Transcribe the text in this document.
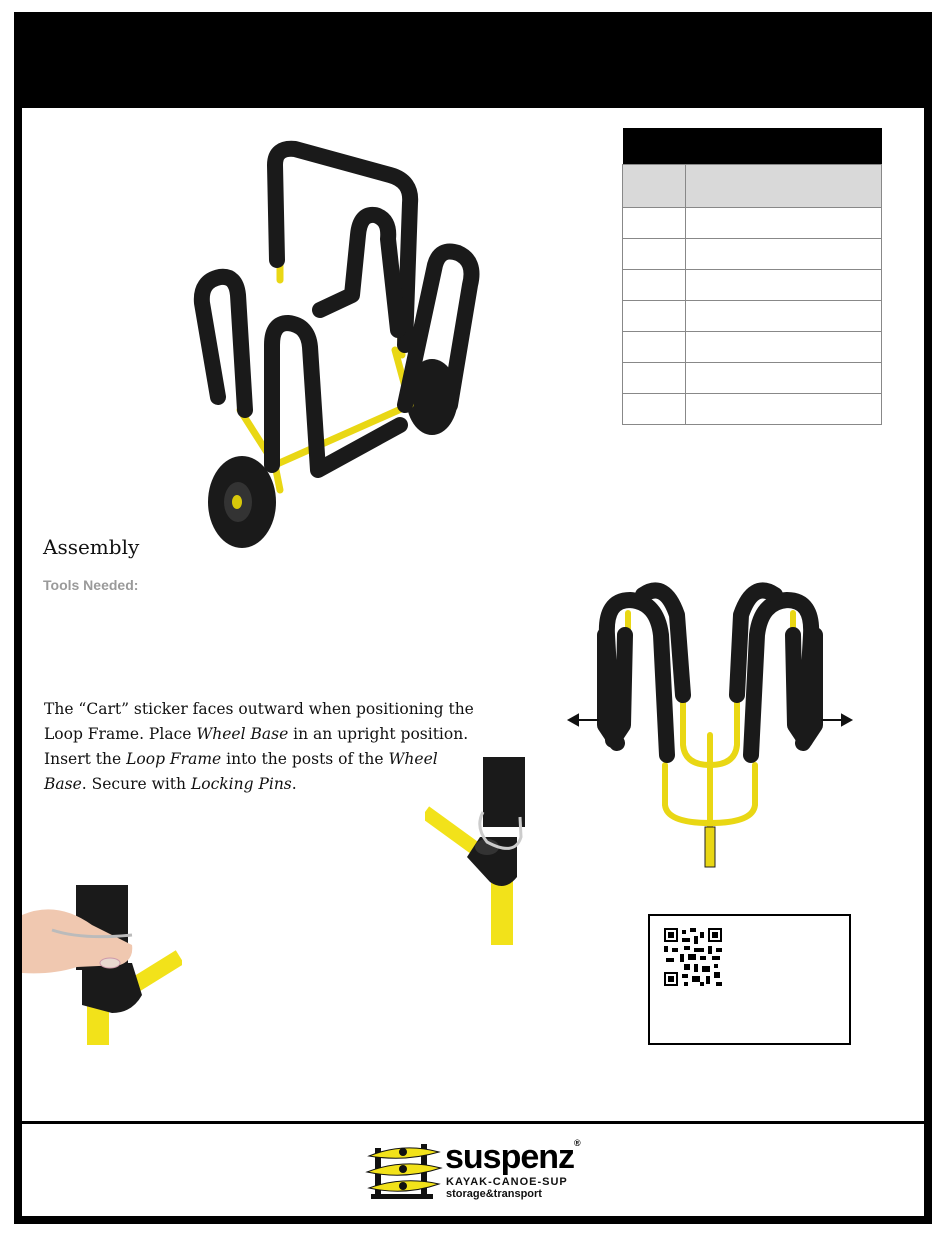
Assembly
Tools Needed:
The “Cart” sticker faces outward when positioning the Loop Frame. Place Wheel Base in an upright position. Insert the Loop Frame into the posts of the Wheel Base. Secure with Locking Pins.
suspenz®
KAYAK-CANOE-SUP
storage&transport
